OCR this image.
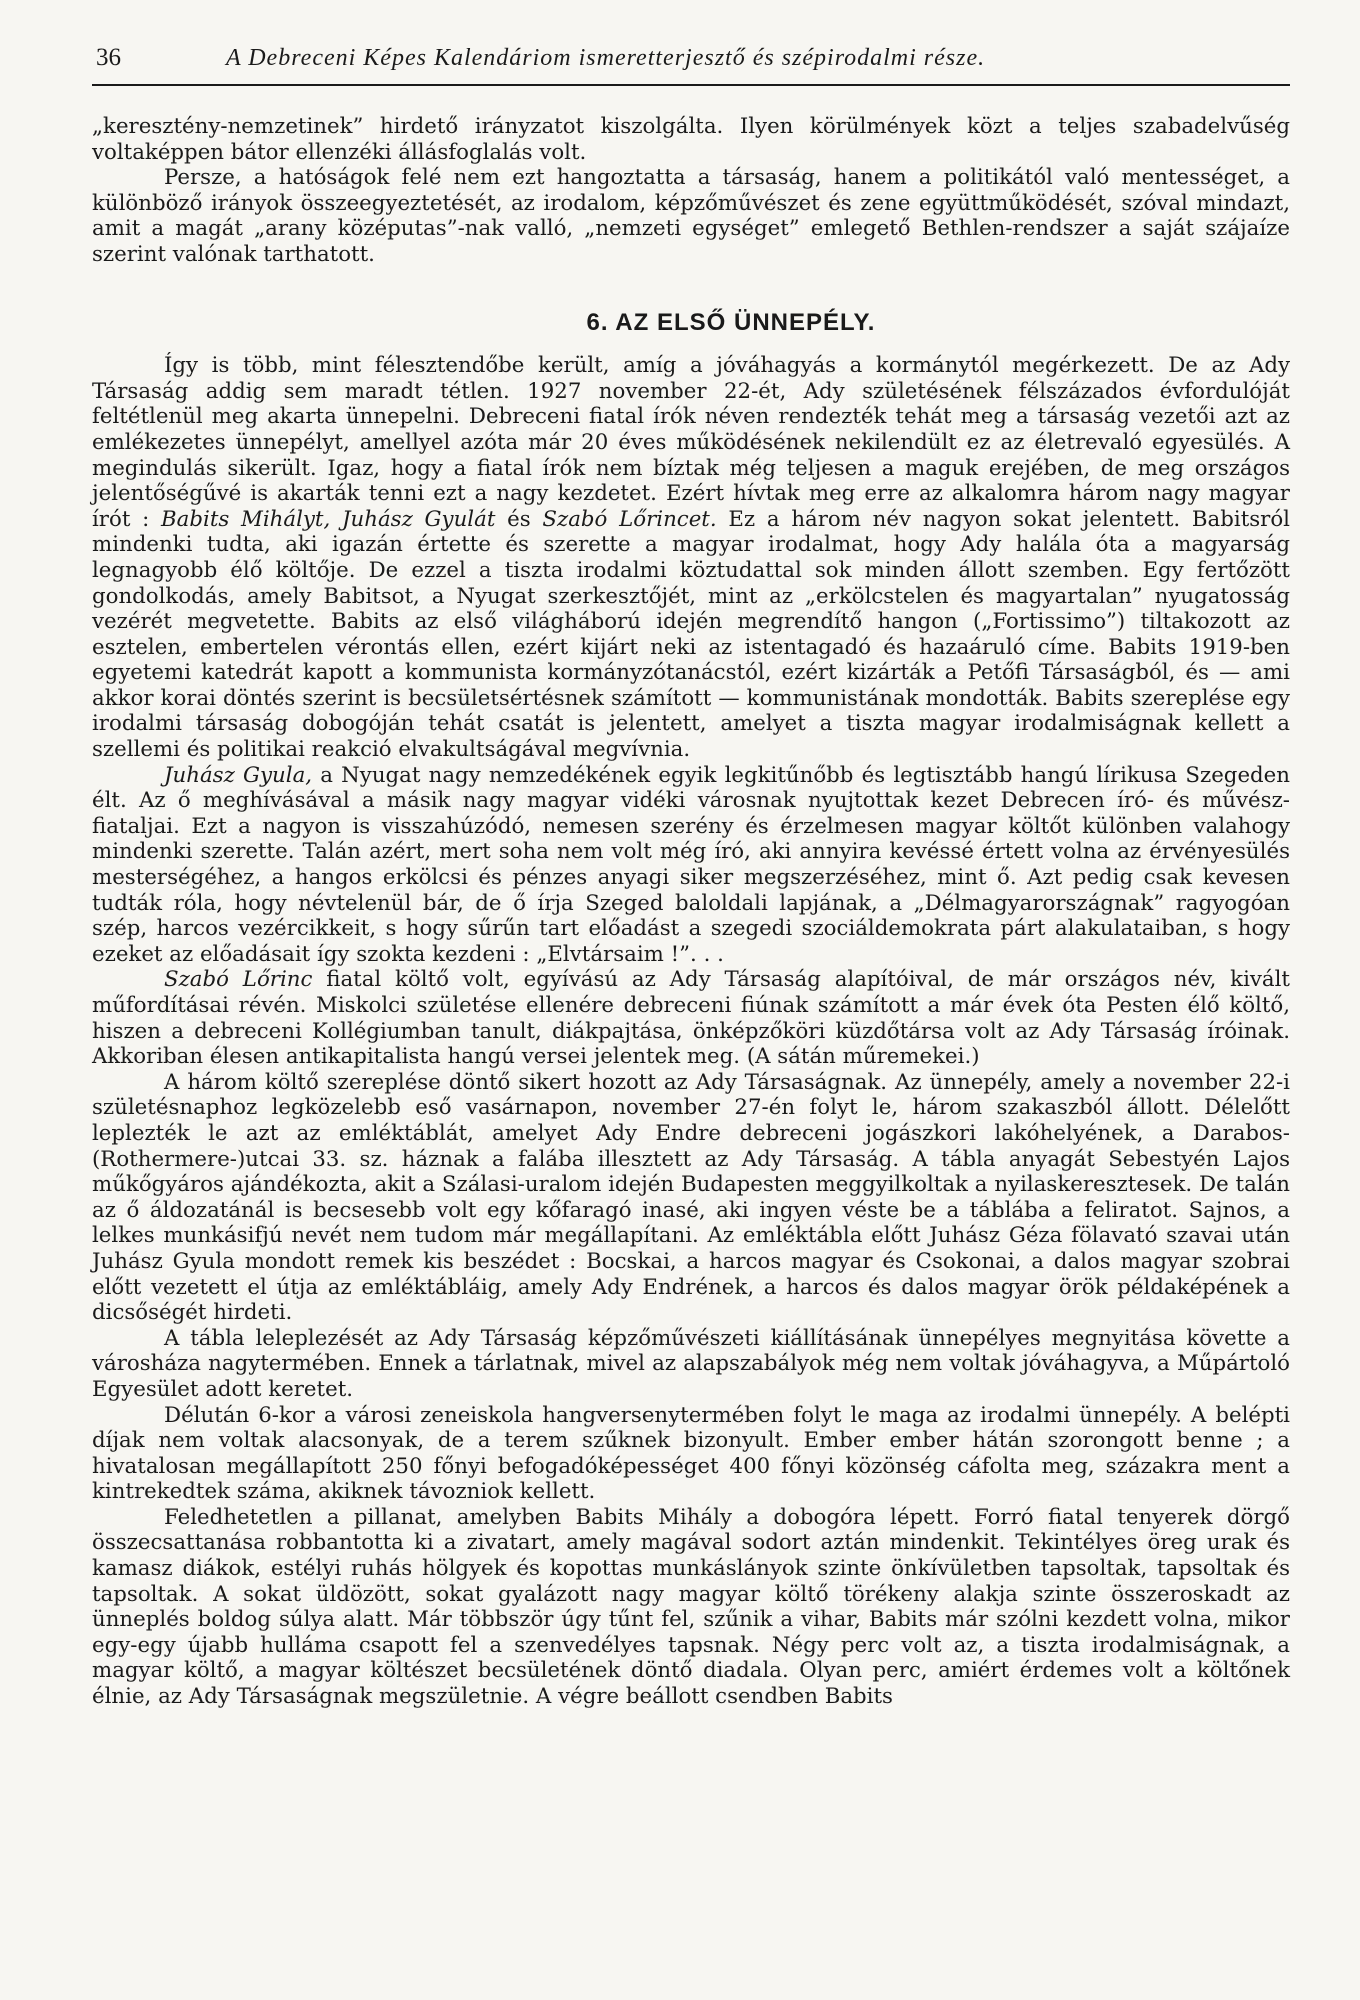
36	A Debreceni Képes Kalendáriom ismeretterjesztő és szépirodalmi része.

„keresztény-nemzetinek” hirdető irányzatot kiszolgálta. Ilyen körülmények közt a teljes szabadelvűség voltaképpen bátor ellenzéki állásfoglalás volt.

Persze, a hatóságok felé nem ezt hangoztatta a társaság, hanem a politikától való mentességet, a különböző irányok összeegyeztetését, az irodalom, képzőművészet és zene együttműködését, szóval mindazt, amit a magát „arany középutas”-nak valló, „nemzeti egységet” emlegető Bethlen-rendszer a saját szájaíze szerint valónak tarthatott.

6. AZ ELSŐ ÜNNEPÉLY.

Így is több, mint félesztendőbe került, amíg a jóváhagyás a kormánytól megérkezett. De az Ady Társaság addig sem maradt tétlen. 1927 november 22-ét, Ady születésének félszázados évfordulóját feltétlenül meg akarta ünnepelni. Debreceni fiatal írók néven rendezték tehát meg a társaság vezetői azt az emlékezetes ünnepélyt, amellyel azóta már 20 éves működésének nekilendült ez az életrevaló egyesülés. A megindulás sikerült. Igaz, hogy a fiatal írók nem bíztak még teljesen a maguk erejében, de meg országos jelentőségűvé is akarták tenni ezt a nagy kezdetet. Ezért hívtak meg erre az alkalomra három nagy magyar írót : Babits Mihályt, Juhász Gyulát és Szabó Lőrincet. Ez a három név nagyon sokat jelentett. Babitsról mindenki tudta, aki igazán értette és szerette a magyar irodalmat, hogy Ady halála óta a magyarság legnagyobb élő költője. De ezzel a tiszta irodalmi köztudattal sok minden állott szemben. Egy fertőzött gondolkodás, amely Babitsot, a Nyugat szerkesztőjét, mint az „erkölcstelen és magyartalan” nyugatosság vezérét megvetette. Babits az első világháború idején megrendítő hangon („Fortissimo”) tiltakozott az esztelen, embertelen vérontás ellen, ezért kijárt neki az istentagadó és hazaáruló címe. Babits 1919-ben egyetemi katedrát kapott a kommunista kormányzótanácstól, ezért kizárták a Petőfi Társaságból, és — ami akkor korai döntés szerint is becsületsértésnek számított — kommunistának mondották. Babits szereplése egy irodalmi társaság dobogóján tehát csatát is jelentett, amelyet a tiszta magyar irodalmiságnak kellett a szellemi és politikai reakció elvakultságával megvívnia.

Juhász Gyula, a Nyugat nagy nemzedékének egyik legkitűnőbb és legtisztább hangú lírikusa Szegeden élt. Az ő meghívásával a másik nagy magyar vidéki városnak nyujtottak kezet Debrecen író- és művész-fiataljai. Ezt a nagyon is visszahúzódó, nemesen szerény és érzelmesen magyar költőt különben valahogy mindenki szerette. Talán azért, mert soha nem volt még író, aki annyira kevéssé értett volna az érvényesülés mesterségéhez, a hangos erkölcsi és pénzes anyagi siker megszerzéséhez, mint ő. Azt pedig csak kevesen tudták róla, hogy névtelenül bár, de ő írja Szeged baloldali lapjának, a „Délmagyarországnak” ragyogóan szép, harcos vezércikkeit, s hogy sűrűn tart előadást a szegedi szociáldemokrata párt alakulataiban, s hogy ezeket az előadásait így szokta kezdeni : „Elvtársaim !”. . .

Szabó Lőrinc fiatal költő volt, egyívású az Ady Társaság alapítóival, de már országos név, kivált műfordításai révén. Miskolci születése ellenére debreceni fiúnak számított a már évek óta Pesten élő költő, hiszen a debreceni Kollégiumban tanult, diákpajtása, önképzőköri küzdőtársa volt az Ady Társaság íróinak. Akkoriban élesen antikapitalista hangú versei jelentek meg. (A sátán műremekei.)

A három költő szereplése döntő sikert hozott az Ady Társaságnak. Az ünnepély, amely a november 22-i születésnaphoz legközelebb eső vasárnapon, november 27-én folyt le, három szakaszból állott. Délelőtt leplezték le azt az emléktáblát, amelyet Ady Endre debreceni jogászkori lakóhelyének, a Darabos- (Rothermere-)utcai 33. sz. háznak a falába illesztett az Ady Társaság. A tábla anyagát Sebestyén Lajos műkőgyáros ajándékozta, akit a Szálasi-uralom idején Budapesten meggyilkoltak a nyilaskeresztesek. De talán az ő áldozatánál is becsesebb volt egy kőfaragó inasé, aki ingyen véste be a táblába a feliratot. Sajnos, a lelkes munkásifjú nevét nem tudom már megállapítani. Az emléktábla előtt Juhász Géza fölavató szavai után Juhász Gyula mondott remek kis beszédet : Bocskai, a harcos magyar és Csokonai, a dalos magyar szobrai előtt vezetett el útja az emléktábláig, amely Ady Endrének, a harcos és dalos magyar örök példaképének a dicsőségét hirdeti.

A tábla leleplezését az Ady Társaság képzőművészeti kiállításának ünnepélyes megnyitása követte a városháza nagytermében. Ennek a tárlatnak, mivel az alapszabályok még nem voltak jóváhagyva, a Műpártoló Egyesület adott keretet.

Délután 6-kor a városi zeneiskola hangversenytermében folyt le maga az irodalmi ünnepély. A belépti díjak nem voltak alacsonyak, de a terem szűknek bizonyult. Ember ember hátán szorongott benne ; a hivatalosan megállapított 250 főnyi befogadóképességet 400 főnyi közönség cáfolta meg, százakra ment a kintrekedtek száma, akiknek távozniok kellett.

Feledhetetlen a pillanat, amelyben Babits Mihály a dobogóra lépett. Forró fiatal tenyerek dörgő összecsattanása robbantotta ki a zivatart, amely magával sodort aztán mindenkit. Tekintélyes öreg urak és kamasz diákok, estélyi ruhás hölgyek és kopottas munkáslányok szinte önkívületben tapsoltak, tapsoltak és tapsoltak. A sokat üldözött, sokat gyalázott nagy magyar költő törékeny alakja szinte összeroskadt az ünneplés boldog súlya alatt. Már többször úgy tűnt fel, szűnik a vihar, Babits már szólni kezdett volna, mikor egy-egy újabb hulláma csapott fel a szenvedélyes tapsnak. Négy perc volt az, a tiszta irodalmiságnak, a magyar költő, a magyar költészet becsületének döntő diadala. Olyan perc, amiért érdemes volt a költőnek élnie, az Ady Társaságnak megszületnie. A végre beállott csendben Babits
